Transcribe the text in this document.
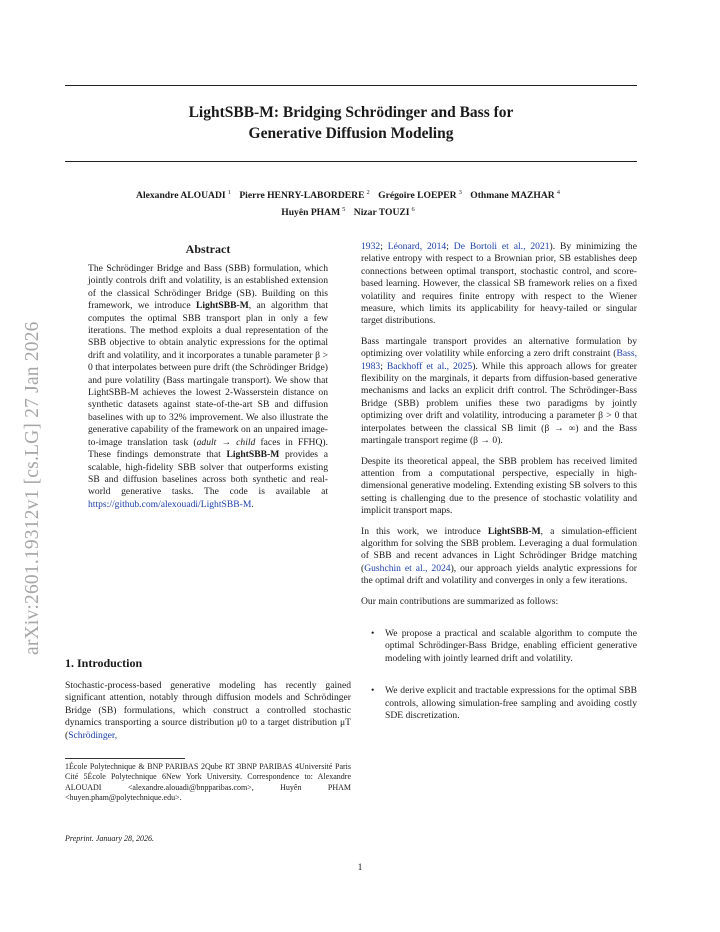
arXiv:2601.19312v1 [cs.LG] 27 Jan 2026
LightSBB-M: Bridging Schrödinger and Bass for
Generative Diffusion Modeling
Alexandre ALOUADI $^1$ Pierre HENRY-LABORDERE $^2$ Grégoire LOEPER $^3$ Othmane MAZHAR $^4$
Huyên PHAM $^5$ Nizar TOUZI $^6$
Abstract
The Schrödinger Bridge and Bass (SBB) formulation, which jointly controls drift and volatility, is an established extension of the classical Schrödinger Bridge (SB). Building on this framework, we introduce LightSBB-M, an algorithm that computes the optimal SBB transport plan in only a few iterations. The method exploits a dual representation of the SBB objective to obtain analytic expressions for the optimal drift and volatility, and it incorporates a tunable parameter β > 0 that interpolates between pure drift (the Schrödinger Bridge) and pure volatility (Bass martingale transport). We show that LightSBB-M achieves the lowest 2-Wasserstein distance on synthetic datasets against state-of-the-art SB and diffusion baselines with up to 32% improvement. We also illustrate the generative capability of the framework on an unpaired image-to-image translation task (adult → child faces in FFHQ). These findings demonstrate that LightSBB-M provides a scalable, high-fidelity SBB solver that outperforms existing SB and diffusion baselines across both synthetic and real-world generative tasks. The code is available at https://github.com/alexouadi/LightSBB-M.
1. Introduction
Stochastic-process-based generative modeling has recently gained significant attention, notably through diffusion models and Schrödinger Bridge (SB) formulations, which construct a controlled stochastic dynamics transporting a source distribution μ0 to a target distribution μT (Schrödinger,
1École Polytechnique & BNP PARIBAS 2Qube RT 3BNP PARIBAS 4Université Paris Cité 5École Polytechnique 6New York University. Correspondence to: Alexandre ALOUADI <alexandre.alouadi@bnpparibas.com>, Huyên PHAM <huyen.pham@polytechnique.edu>.
Preprint. January 28, 2026.

1932; Léonard, 2014; De Bortoli et al., 2021). By minimizing the relative entropy with respect to a Brownian prior, SB establishes deep connections between optimal transport, stochastic control, and score-based learning. However, the classical SB framework relies on a fixed volatility and requires finite entropy with respect to the Wiener measure, which limits its applicability for heavy-tailed or singular target distributions.

Bass martingale transport provides an alternative formulation by optimizing over volatility while enforcing a zero drift constraint (Bass, 1983; Backhoff et al., 2025). While this approach allows for greater flexibility on the marginals, it departs from diffusion-based generative mechanisms and lacks an explicit drift control. The Schrödinger-Bass Bridge (SBB) problem unifies these two paradigms by jointly optimizing over drift and volatility, introducing a parameter β > 0 that interpolates between the classical SB limit (β → ∞) and the Bass martingale transport regime (β → 0).

Despite its theoretical appeal, the SBB problem has received limited attention from a computational perspective, especially in high-dimensional generative modeling. Extending existing SB solvers to this setting is challenging due to the presence of stochastic volatility and implicit transport maps.

In this work, we introduce LightSBB-M, a simulation-efficient algorithm for solving the SBB problem. Leveraging a dual formulation of SBB and recent advances in Light Schrödinger Bridge matching (Gushchin et al., 2024), our approach yields analytic expressions for the optimal drift and volatility and converges in only a few iterations.

Our main contributions are summarized as follows:

• We propose a practical and scalable algorithm to compute the optimal Schrödinger-Bass Bridge, enabling efficient generative modeling with jointly learned drift and volatility.
• We derive explicit and tractable expressions for the optimal SBB controls, allowing simulation-free sampling and avoiding costly SDE discretization.
1
